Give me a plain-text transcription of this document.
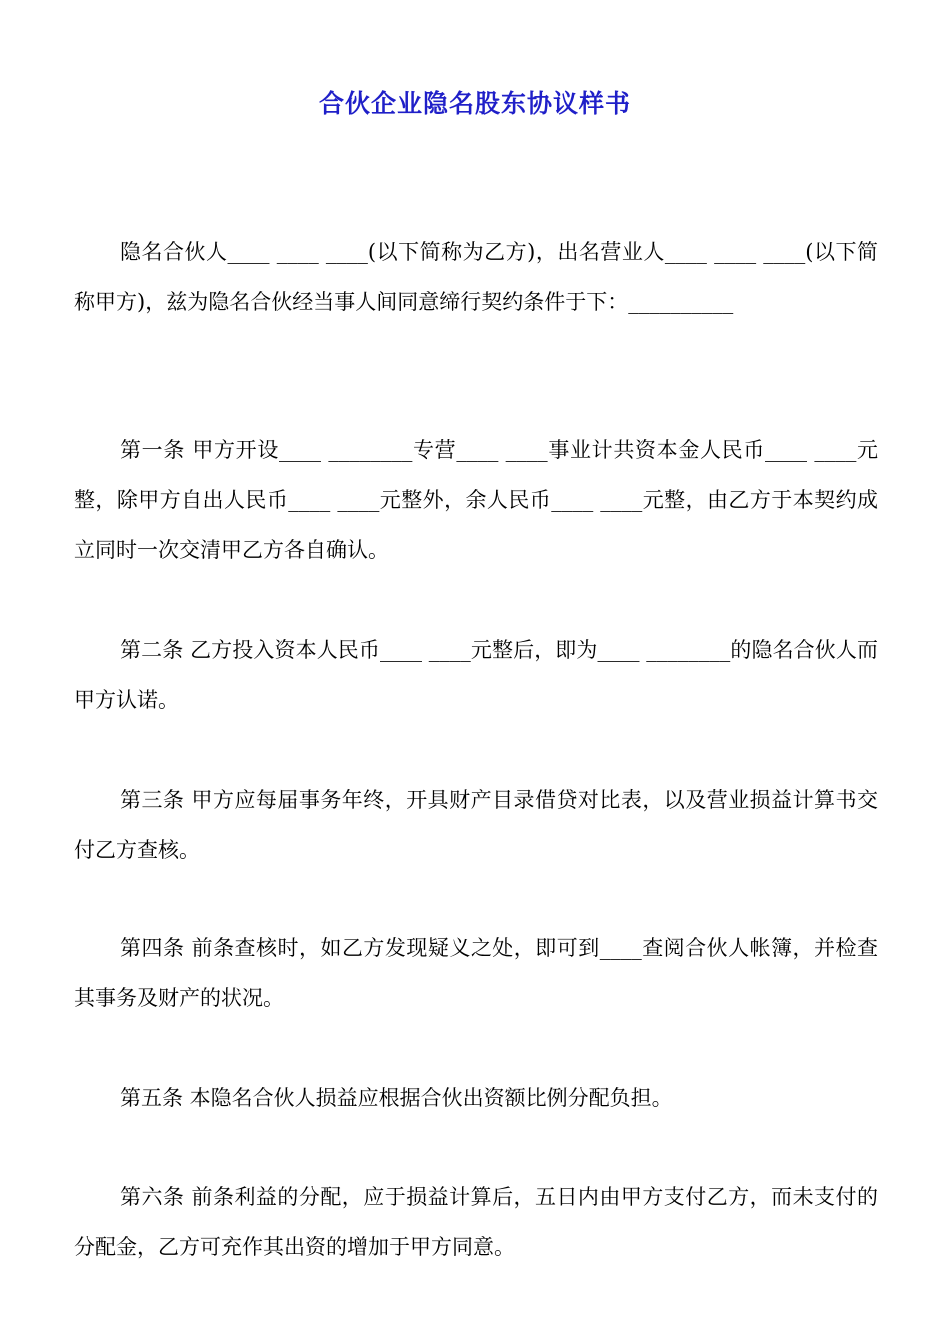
合伙企业隐名股东协议样书

隐名合伙人____ ____ ____(以下简称为乙方)，出名营业人____ ____ ____(以下简称甲方)，兹为隐名合伙经当事人间同意缔行契约条件于下：__________

第一条 甲方开设____ ________专营____ ____事业计共资本金人民币____ ____元整，除甲方自出人民币____ ____元整外，余人民币____ ____元整，由乙方于本契约成立同时一次交清甲乙方各自确认。

第二条 乙方投入资本人民币____ ____元整后，即为____ ________的隐名合伙人而甲方认诺。

第三条 甲方应每届事务年终，开具财产目录借贷对比表，以及营业损益计算书交付乙方查核。

第四条 前条查核时，如乙方发现疑义之处，即可到____查阅合伙人帐簿，并检查其事务及财产的状况。

第五条 本隐名合伙人损益应根据合伙出资额比例分配负担。

第六条 前条利益的分配，应于损益计算后，五日内由甲方支付乙方，而未支付的分配金，乙方可充作其出资的增加于甲方同意。
